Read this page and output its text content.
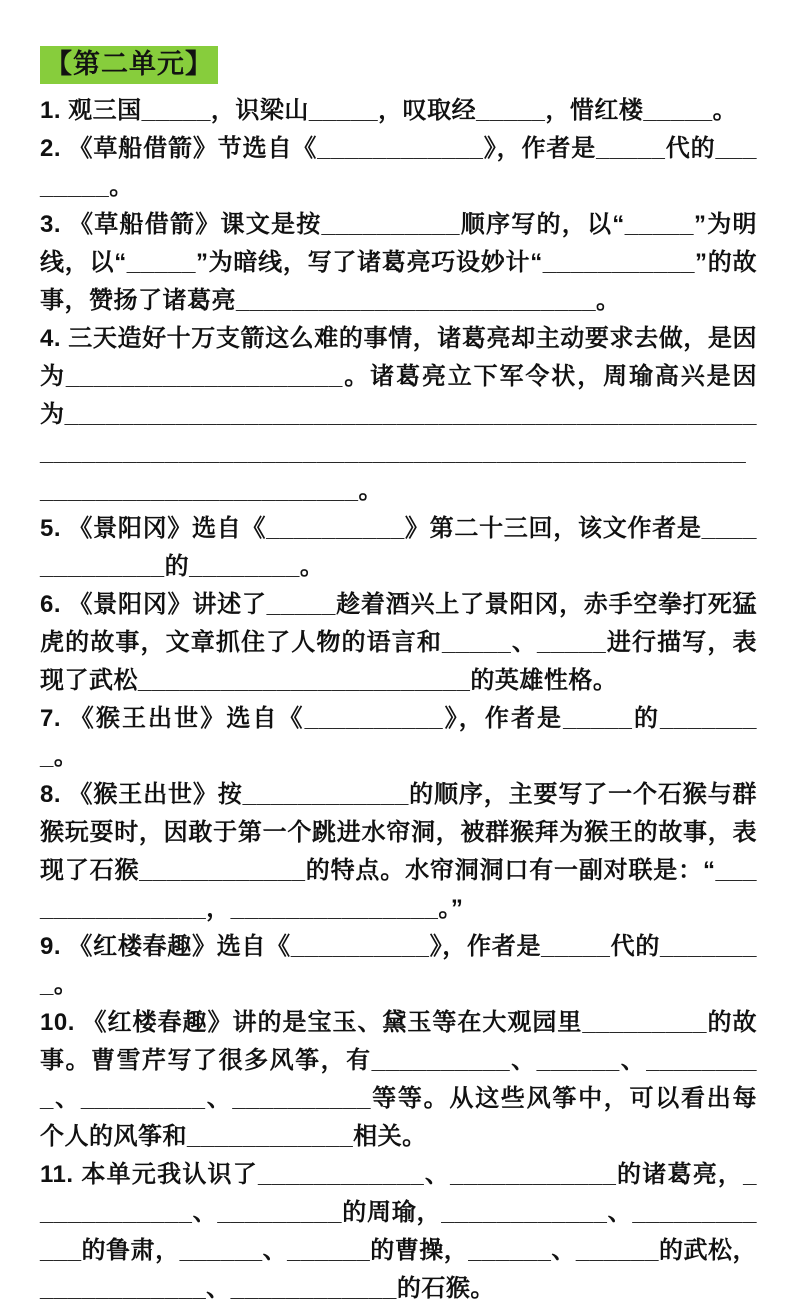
【第二单元】

1. 观三国_____，识梁山_____，叹取经_____，惜红楼_____。

2. 《草船借箭》节选自《____________》，作者是_____代的________。

3. 《草船借箭》课文是按__________顺序写的，以“_____”为明线，以“_____”为暗线，写了诸葛亮巧设妙计“___________”的故事，赞扬了诸葛亮__________________________。

4. 三天造好十万支箭这么难的事情，诸葛亮却主动要求去做，是因为____________________。诸葛亮立下军令状，周瑜高兴是因为____________________________________________________________________________________________________________________________。

5. 《景阳冈》选自《__________》第二十三回，该文作者是_____________的________。

6. 《景阳冈》讲述了_____趁着酒兴上了景阳冈，赤手空拳打死猛虎的故事，文章抓住了人物的语言和_____、_____进行描写，表现了武松________________________的英雄性格。

7. 《猴王出世》选自《__________》，作者是_____的________。

8. 《猴王出世》按____________的顺序，主要写了一个石猴与群猴玩耍时，因敢于第一个跳进水帘洞，被群猴拜为猴王的故事，表现了石猴____________的特点。水帘洞洞口有一副对联是：“_______________，_______________。”

9. 《红楼春趣》选自《__________》，作者是_____代的________。

10. 《红楼春趣》讲的是宝玉、黛玉等在大观园里_________的故事。曹雪芹写了很多风筝，有__________、______、_________、_________、__________等等。从这些风筝中，可以看出每个人的风筝和____________相关。

11. 本单元我认识了____________、____________的诸葛亮，____________、_________的周瑜，____________、____________的鲁肃，______、______的曹操，______、______的武松，____________、____________的石猴。
